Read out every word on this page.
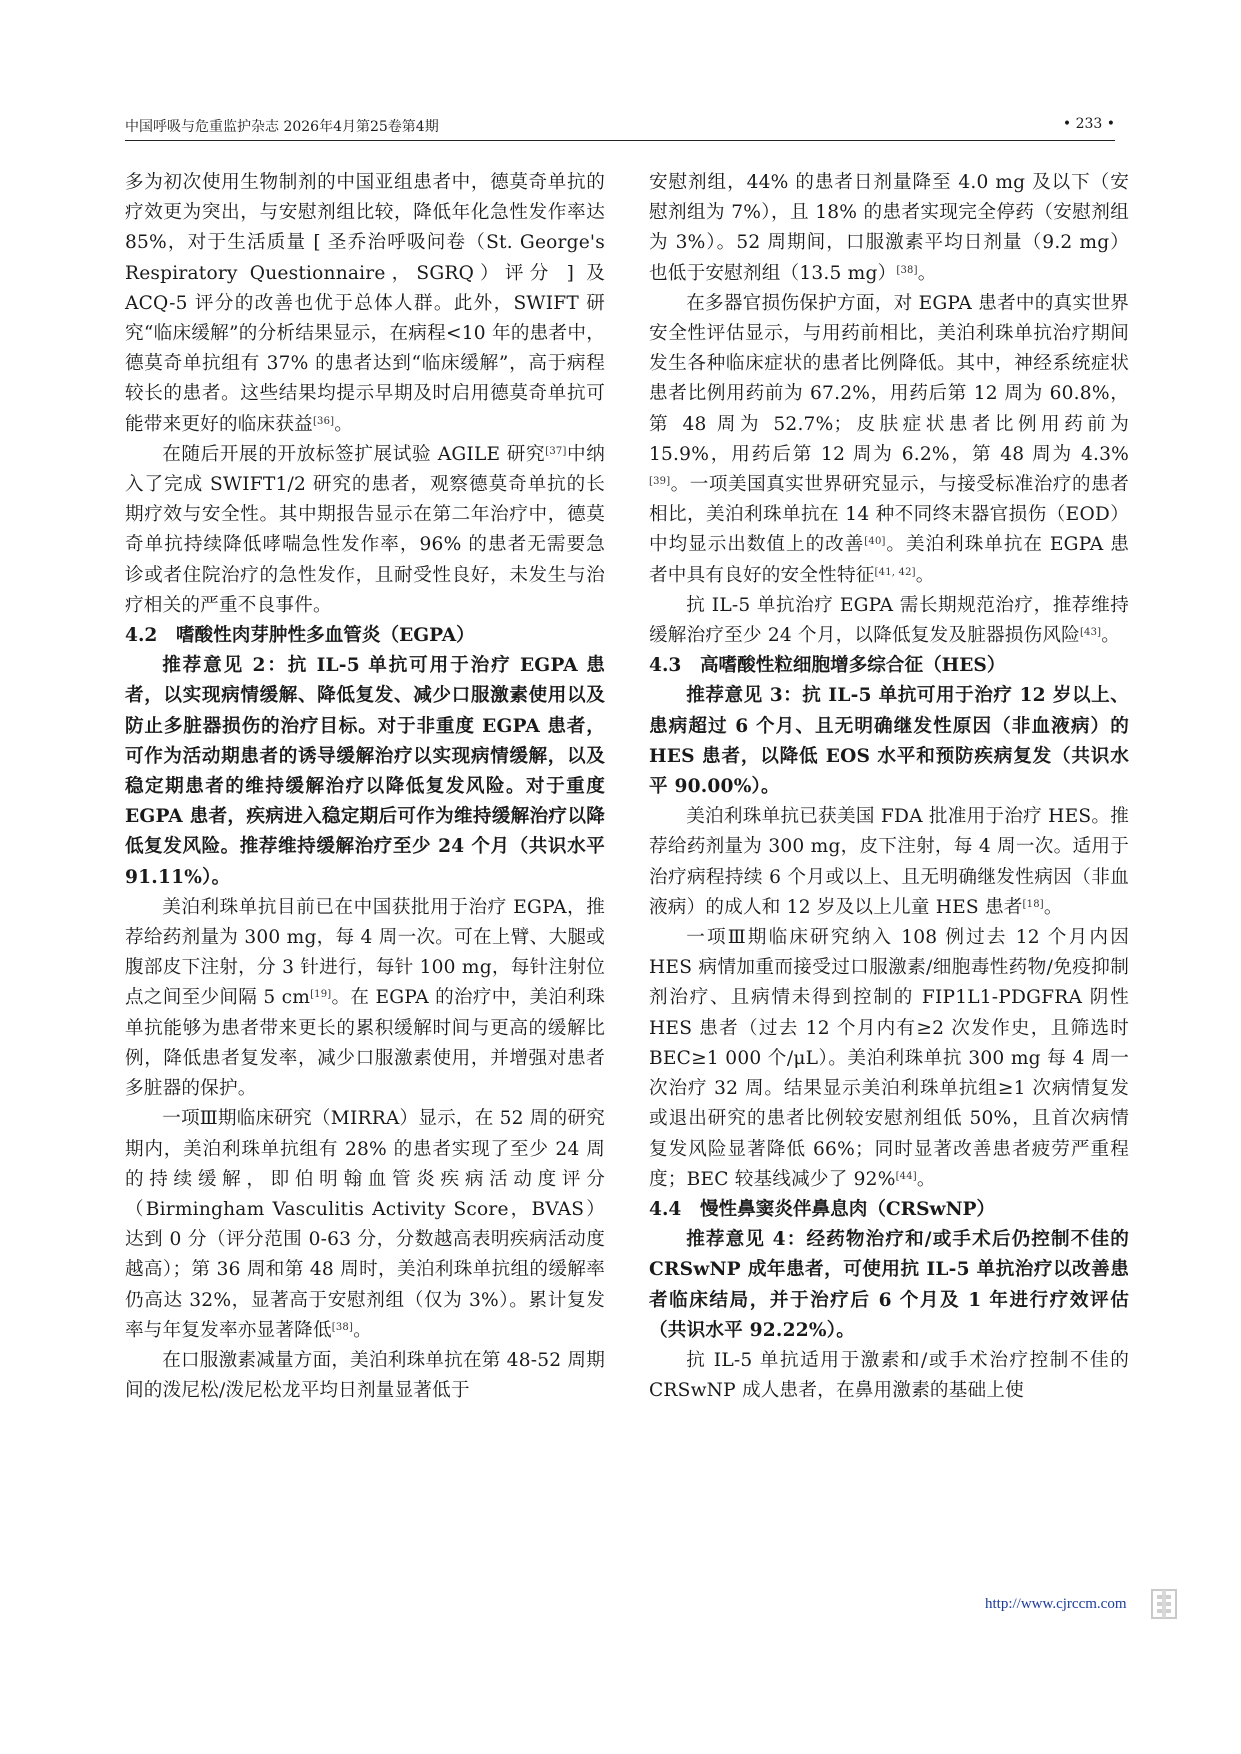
中国呼吸与危重监护杂志 2026年4月第25卷第4期	• 233 •

多为初次使用生物制剂的中国亚组患者中，德莫奇单抗的疗效更为突出，与安慰剂组比较，降低年化急性发作率达 85%，对于生活质量 [ 圣乔治呼吸问卷（St. George's Respiratory Questionnaire，SGRQ）评分 ] 及 ACQ-5 评分的改善也优于总体人群。此外，SWIFT 研究“临床缓解”的分析结果显示，在病程<10 年的患者中，德莫奇单抗组有 37% 的患者达到“临床缓解”，高于病程较长的患者。这些结果均提示早期及时启用德莫奇单抗可能带来更好的临床获益[36]。

在随后开展的开放标签扩展试验 AGILE 研究[37]中纳入了完成 SWIFT1/2 研究的患者，观察德莫奇单抗的长期疗效与安全性。其中期报告显示在第二年治疗中，德莫奇单抗持续降低哮喘急性发作率，96% 的患者无需要急诊或者住院治疗的急性发作，且耐受性良好，未发生与治疗相关的严重不良事件。

4.2　嗜酸性肉芽肿性多血管炎（EGPA）

推荐意见 2：抗 IL-5 单抗可用于治疗 EGPA 患者，以实现病情缓解、降低复发、减少口服激素使用以及防止多脏器损伤的治疗目标。对于非重度 EGPA 患者，可作为活动期患者的诱导缓解治疗以实现病情缓解，以及稳定期患者的维持缓解治疗以降低复发风险。对于重度 EGPA 患者，疾病进入稳定期后可作为维持缓解治疗以降低复发风险。推荐维持缓解治疗至少 24 个月（共识水平 91.11%）。

美泊利珠单抗目前已在中国获批用于治疗 EGPA，推荐给药剂量为 300 mg，每 4 周一次。可在上臂、大腿或腹部皮下注射，分 3 针进行，每针 100 mg，每针注射位点之间至少间隔 5 cm[19]。在 EGPA 的治疗中，美泊利珠单抗能够为患者带来更长的累积缓解时间与更高的缓解比例，降低患者复发率，减少口服激素使用，并增强对患者多脏器的保护。

一项Ⅲ期临床研究（MIRRA）显示，在 52 周的研究期内，美泊利珠单抗组有 28% 的患者实现了至少 24 周的持续缓解，即伯明翰血管炎疾病活动度评分（Birmingham Vasculitis Activity Score，BVAS）达到 0 分（评分范围 0-63 分，分数越高表明疾病活动度越高）；第 36 周和第 48 周时，美泊利珠单抗组的缓解率仍高达 32%，显著高于安慰剂组（仅为 3%）。累计复发率与年复发率亦显著降低[38]。

在口服激素减量方面，美泊利珠单抗在第 48-52 周期间的泼尼松/泼尼松龙平均日剂量显著低于

安慰剂组，44% 的患者日剂量降至 4.0 mg 及以下（安慰剂组为 7%），且 18% 的患者实现完全停药（安慰剂组为 3%）。52 周期间，口服激素平均日剂量（9.2 mg）也低于安慰剂组（13.5 mg）[38]。

在多器官损伤保护方面，对 EGPA 患者中的真实世界安全性评估显示，与用药前相比，美泊利珠单抗治疗期间发生各种临床症状的患者比例降低。其中，神经系统症状患者比例用药前为 67.2%，用药后第 12 周为 60.8%，第 48 周为 52.7%；皮肤症状患者比例用药前为 15.9%，用药后第 12 周为 6.2%，第 48 周为 4.3%[39]。一项美国真实世界研究显示，与接受标准治疗的患者相比，美泊利珠单抗在 14 种不同终末器官损伤（EOD）中均显示出数值上的改善[40]。美泊利珠单抗在 EGPA 患者中具有良好的安全性特征[41, 42]。

抗 IL-5 单抗治疗 EGPA 需长期规范治疗，推荐维持缓解治疗至少 24 个月，以降低复发及脏器损伤风险[43]。

4.3　高嗜酸性粒细胞增多综合征（HES）

推荐意见 3：抗 IL-5 单抗可用于治疗 12 岁以上、患病超过 6 个月、且无明确继发性原因（非血液病）的 HES 患者，以降低 EOS 水平和预防疾病复发（共识水平 90.00%）。

美泊利珠单抗已获美国 FDA 批准用于治疗 HES。推荐给药剂量为 300 mg，皮下注射，每 4 周一次。适用于治疗病程持续 6 个月或以上、且无明确继发性病因（非血液病）的成人和 12 岁及以上儿童 HES 患者[18]。

一项Ⅲ期临床研究纳入 108 例过去 12 个月内因 HES 病情加重而接受过口服激素/细胞毒性药物/免疫抑制剂治疗、且病情未得到控制的 FIP1L1-PDGFRA 阴性 HES 患者（过去 12 个月内有≥2 次发作史，且筛选时 BEC≥1 000 个/μL）。美泊利珠单抗 300 mg 每 4 周一次治疗 32 周。结果显示美泊利珠单抗组≥1 次病情复发或退出研究的患者比例较安慰剂组低 50%，且首次病情复发风险显著降低 66%；同时显著改善患者疲劳严重程度；BEC 较基线减少了 92%[44]。

4.4　慢性鼻窦炎伴鼻息肉（CRSwNP）

推荐意见 4：经药物治疗和/或手术后仍控制不佳的 CRSwNP 成年患者，可使用抗 IL-5 单抗治疗以改善患者临床结局，并于治疗后 6 个月及 1 年进行疗效评估（共识水平 92.22%）。

抗 IL-5 单抗适用于激素和/或手术治疗控制不佳的 CRSwNP 成人患者，在鼻用激素的基础上使

http://www.cjrccm.com
